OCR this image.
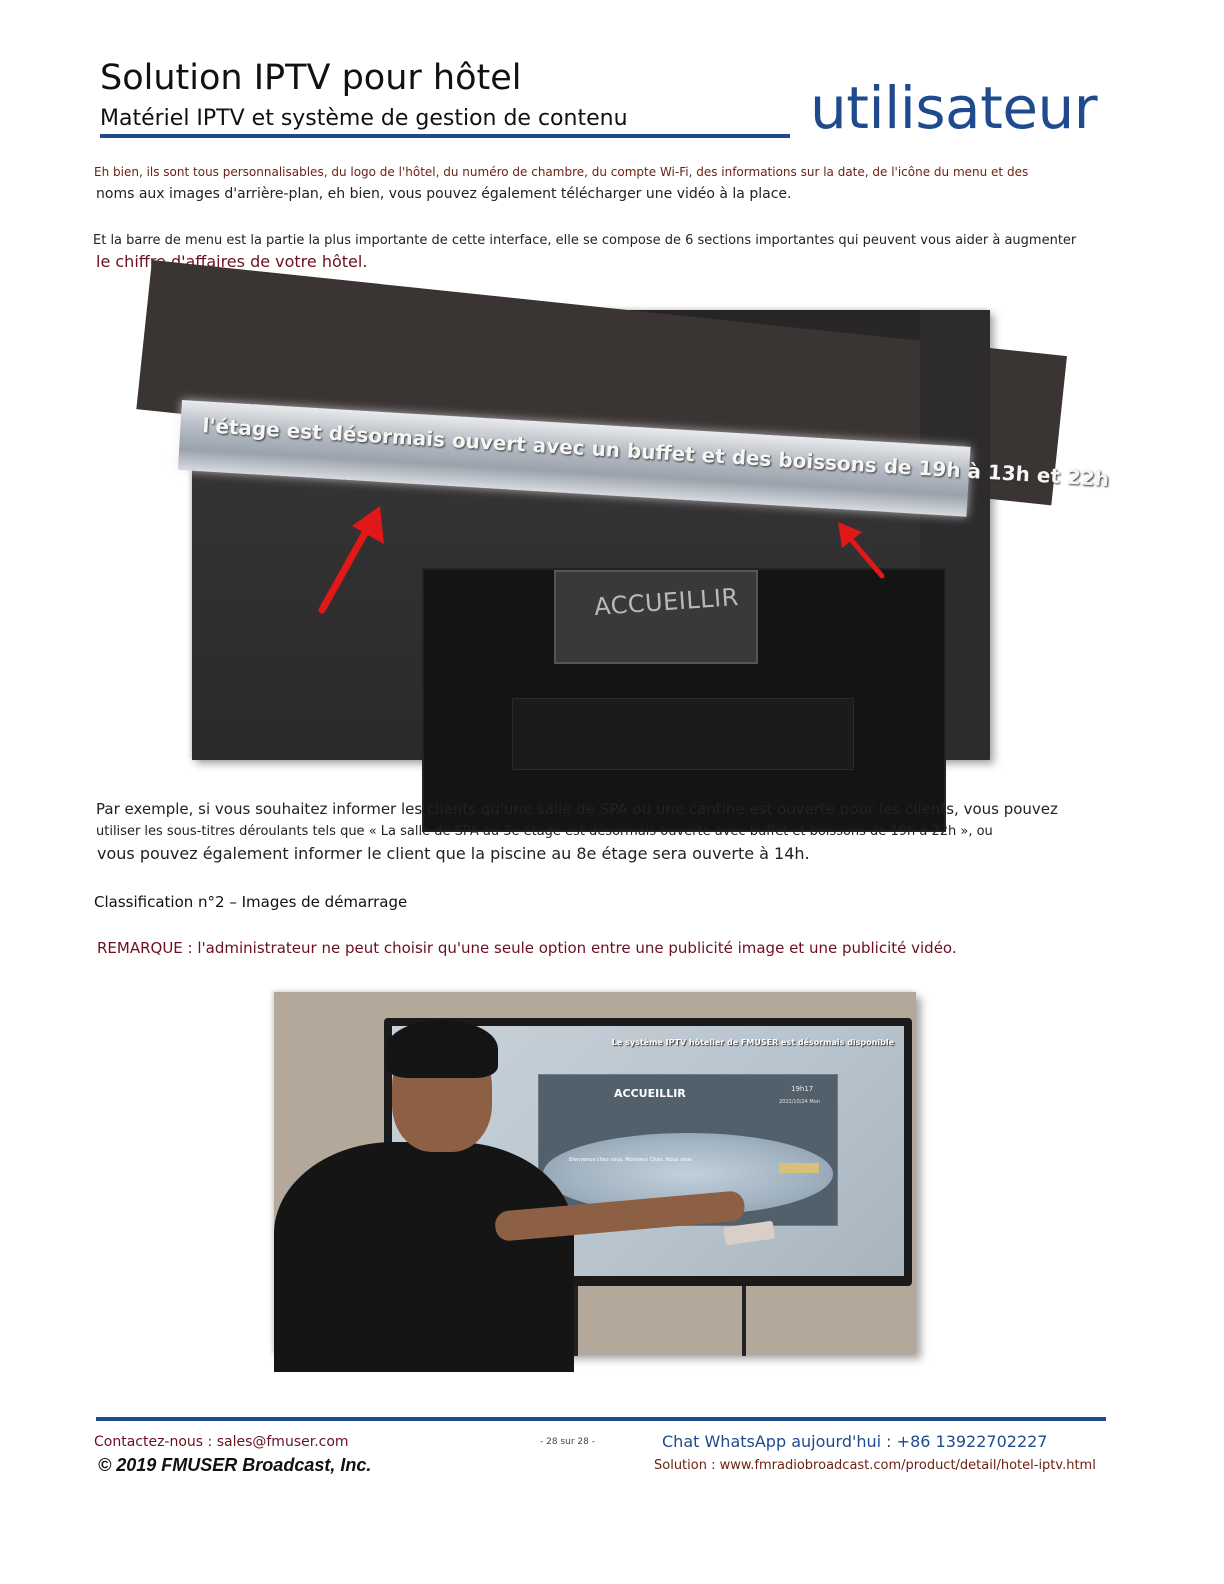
Solution IPTV pour hôtel
Matériel IPTV et système de gestion de contenu	utilisateur
Eh bien, ils sont tous personnalisables, du logo de l'hôtel, du numéro de chambre, du compte Wi-Fi, des informations sur la date, de l'icône du menu et des
noms aux images d'arrière-plan, eh bien, vous pouvez également télécharger une vidéo à la place.
Et la barre de menu est la partie la plus importante de cette interface, elle se compose de 6 sections importantes qui peuvent vous aider à augmenter
le chiffre d'affaires de votre hôtel.
ACCUEILLIR
l'étage est désormais ouvert avec un buffet et des boissons de 19h à 13h et 22h
Par exemple, si vous souhaitez informer les clients qu'une salle de SPA ou une cantine est ouverte pour les clients, vous pouvez
utiliser les sous-titres déroulants tels que « La salle de SPA au 3e étage est désormais ouverte avec buffet et boissons de 19h à 22h », ou
vous pouvez également informer le client que la piscine au 8e étage sera ouverte à 14h.
Classification n°2 – Images de démarrage
REMARQUE : l'administrateur ne peut choisir qu'une seule option entre une publicité image et une publicité vidéo.
Le système IPTV hôtelier de FMUSER est désormais disponible
ACCUEILLIR	19h17
2022/10/24 Mon
Bienvenue chez vous, Monsieur Chan. Nous vous
Contactez-nous : sales@fmuser.com
© 2019 FMUSER Broadcast, Inc.
- 28 sur 28 -	Chat WhatsApp aujourd'hui : +86 13922702227
Solution : www.fmradiobroadcast.com/product/detail/hotel-iptv.html
